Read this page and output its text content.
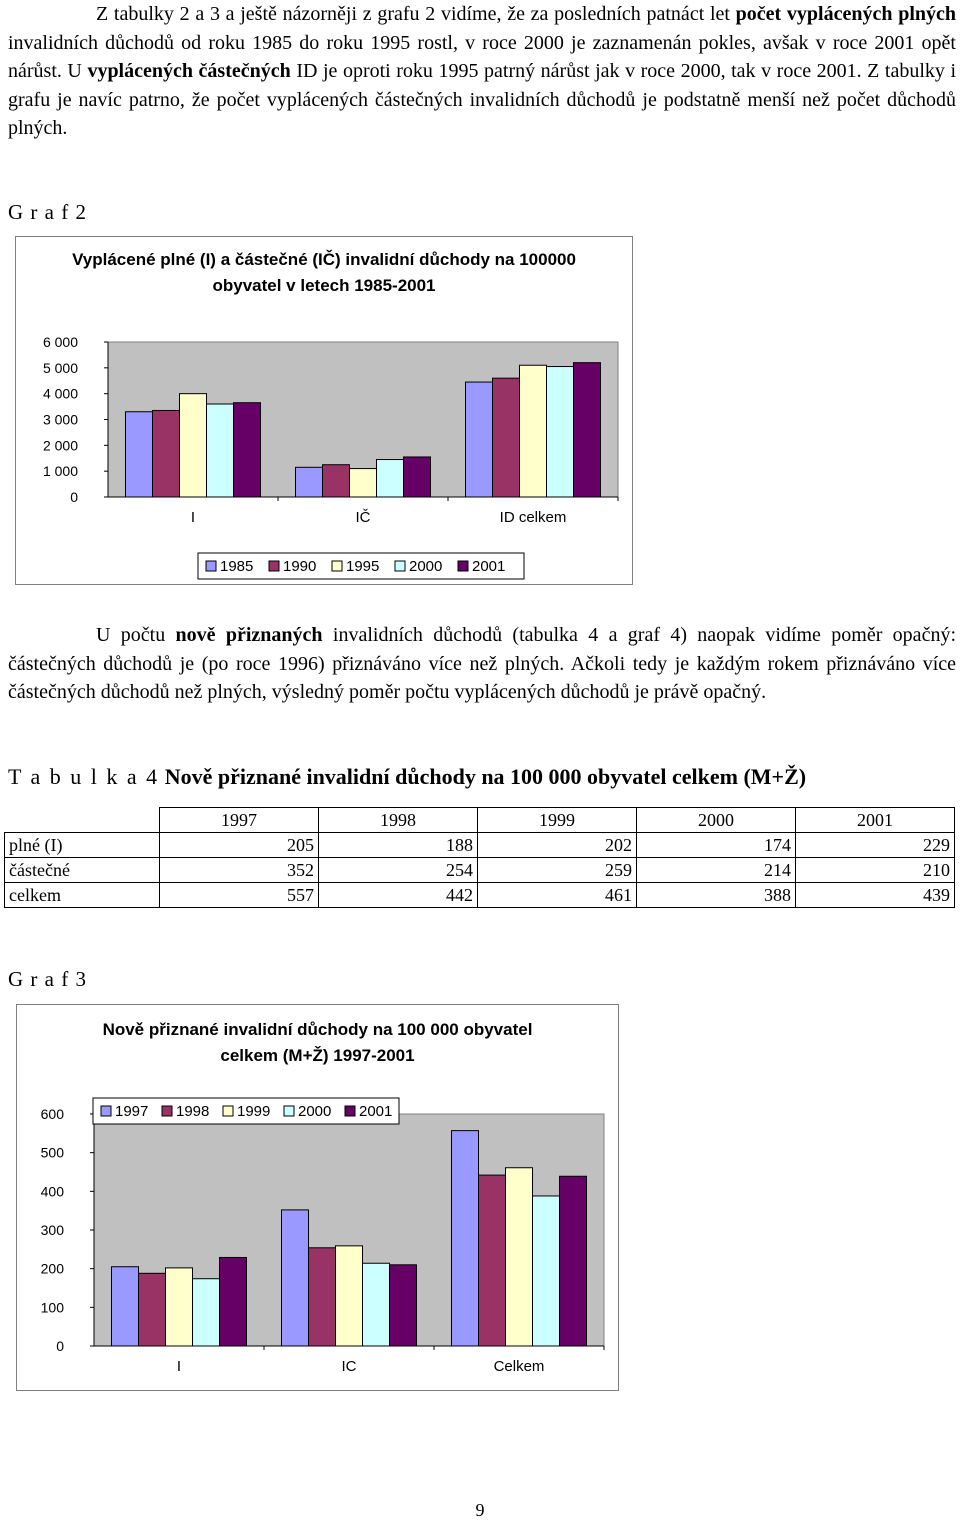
Z tabulky 2 a 3 a ještě názorněji z grafu 2 vidíme, že za posledních patnáct let počet vyplácených plných invalidních důchodů od roku 1985 do roku 1995 rostl, v roce 2000 je zaznamenán pokles, avšak v roce 2001 opět nárůst. U vyplácených částečných ID je oproti roku 1995 patrný nárůst jak v roce 2000, tak v roce 2001. Z tabulky i grafu je navíc patrno, že počet vyplácených částečných invalidních důchodů je podstatně menší než počet důchodů plných.

G r a f 2
Vyplácené plné (I) a částečné (IČ) invalidní důchody na 100000 obyvatel v letech 1985-2001
0
1 000
2 000
3 000
4 000
5 000
6 000
I	IČ	ID celkem
1985 1990 1995 2000 2001

U počtu nově přiznaných invalidních důchodů (tabulka 4 a graf 4) naopak vidíme poměr opačný: částečných důchodů je (po roce 1996) přiznáváno více než plných. Ačkoli tedy je každým rokem přiznáváno více částečných důchodů než plných, výsledný poměr počtu vyplácených důchodů je právě opačný.

T a b u l k a 4 Nově přiznané invalidní důchody na 100 000 obyvatel celkem (M+Ž)
	1997	1998	1999	2000	2001
plné (I)	205	188	202	174	229
částečné	352	254	259	214	210
celkem	557	442	461	388	439
G r a f 3
Nově přiznané invalidní důchody na 100 000 obyvatel celkem (M+Ž) 1997-2001
0
100
200
300
400
500
600
I	IC	Celkem
1997 1998 1999 2000 2001
9
